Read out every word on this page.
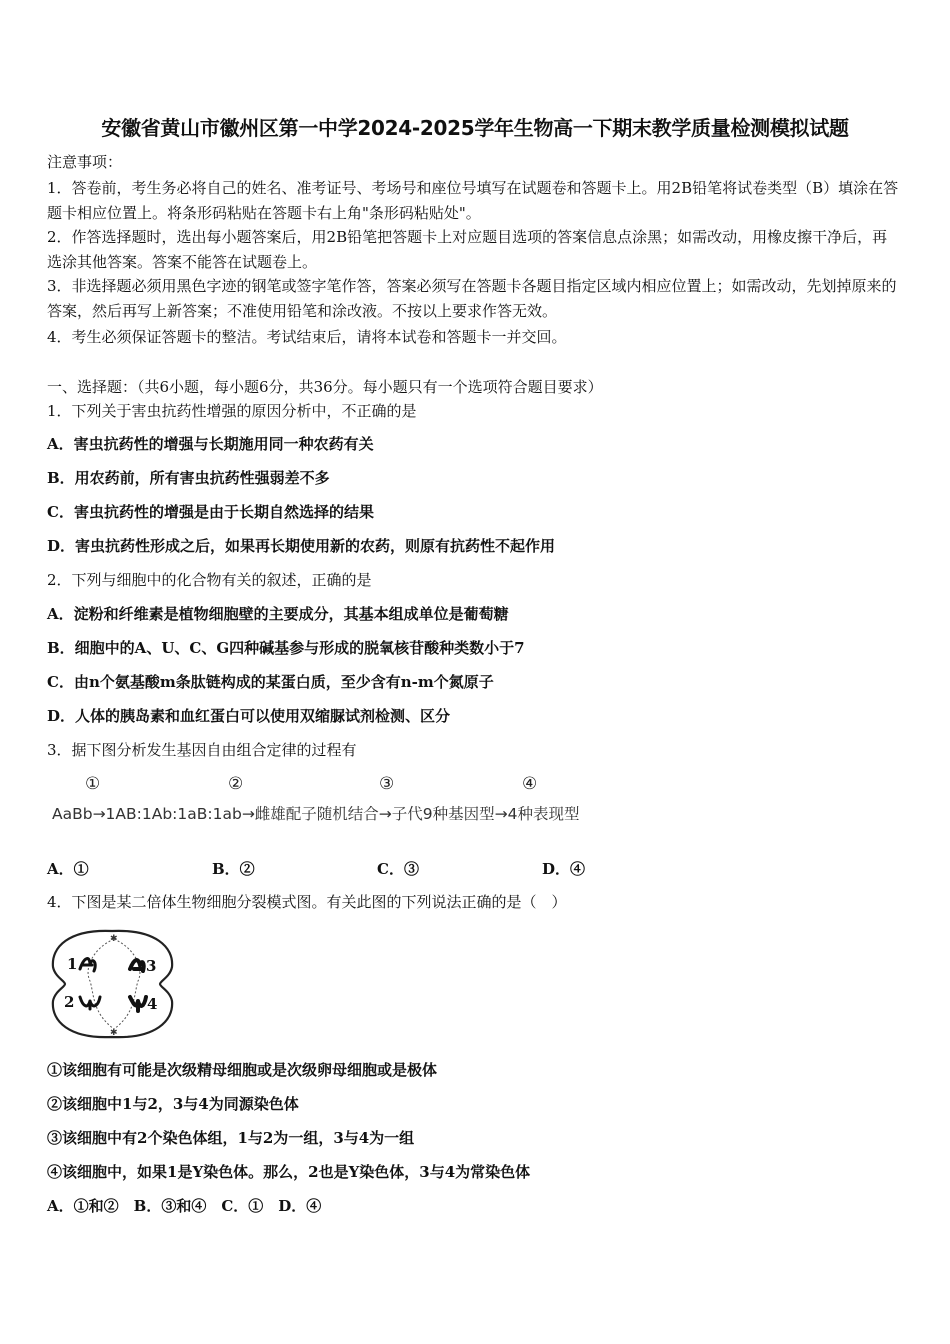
安徽省黄山市徽州区第一中学2024-2025学年生物高一下期末教学质量检测模拟试题
注意事项：
1．答卷前，考生务必将自己的姓名、准考证号、考场号和座位号填写在试题卷和答题卡上。用2B铅笔将试卷类型（B）填涂在答题卡相应位置上。将条形码粘贴在答题卡右上角"条形码粘贴处"。
2．作答选择题时，选出每小题答案后，用2B铅笔把答题卡上对应题目选项的答案信息点涂黑；如需改动，用橡皮擦干净后，再选涂其他答案。答案不能答在试题卷上。
3．非选择题必须用黑色字迹的钢笔或签字笔作答，答案必须写在答题卡各题目指定区域内相应位置上；如需改动，先划掉原来的答案，然后再写上新答案；不准使用铅笔和涂改液。不按以上要求作答无效。
4．考生必须保证答题卡的整洁。考试结束后，请将本试卷和答题卡一并交回。
一、选择题：（共6小题，每小题6分，共36分。每小题只有一个选项符合题目要求）
1．下列关于害虫抗药性增强的原因分析中，不正确的是
A．害虫抗药性的增强与长期施用同一种农药有关
B．用农药前，所有害虫抗药性强弱差不多
C．害虫抗药性的增强是由于长期自然选择的结果
D．害虫抗药性形成之后，如果再长期使用新的农药，则原有抗药性不起作用
2．下列与细胞中的化合物有关的叙述，正确的是
A．淀粉和纤维素是植物细胞壁的主要成分，其基本组成单位是葡萄糖
B．细胞中的A、U、C、G四种碱基参与形成的脱氧核苷酸种类数小于7
C．由n个氨基酸m条肽链构成的某蛋白质，至少含有n-m个氮原子
D．人体的胰岛素和血红蛋白可以使用双缩脲试剂检测、区分
3．据下图分析发生基因自由组合定律的过程有
①	②	③	④
AaBb→1AB:1Ab:1aB:1ab→雌雄配子随机结合→子代9种基因型→4种表现型
A．①	B．②	C．③	D．④
4．下图是某二倍体生物细胞分裂模式图。有关此图的下列说法正确的是（　）
✱
✱
1
2
3
4
①该细胞有可能是次级精母细胞或是次级卵母细胞或是极体
②该细胞中1与2，3与4为同源染色体
③该细胞中有2个染色体组，1与2为一组，3与4为一组
④该细胞中，如果1是Y染色体。那么，2也是Y染色体，3与4为常染色体
A．①和②　B．③和④　C．①　D．④
